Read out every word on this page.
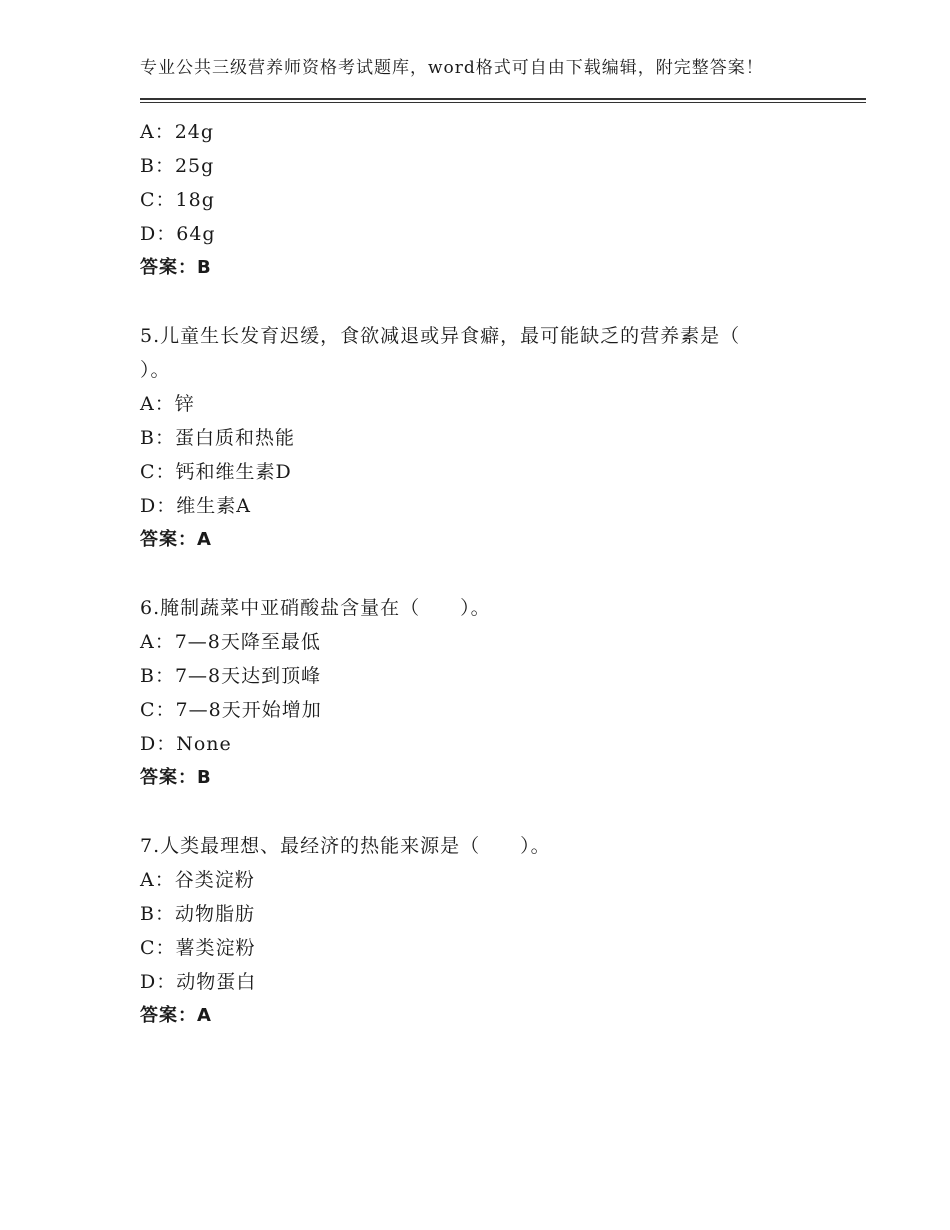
专业公共三级营养师资格考试题库，word格式可自由下载编辑，附完整答案！
A：24g
B：25g
C：18g
D：64g
答案：B
5.儿童生长发育迟缓，食欲减退或异食癖，最可能缺乏的营养素是（
）。
A：锌
B：蛋白质和热能
C：钙和维生素D
D：维生素A
答案：A
6.腌制蔬菜中亚硝酸盐含量在（　　）。
A：7—8天降至最低
B：7—8天达到顶峰
C：7—8天开始增加
D：None
答案：B
7.人类最理想、最经济的热能来源是（　　）。
A：谷类淀粉
B：动物脂肪
C：薯类淀粉
D：动物蛋白
答案：A
